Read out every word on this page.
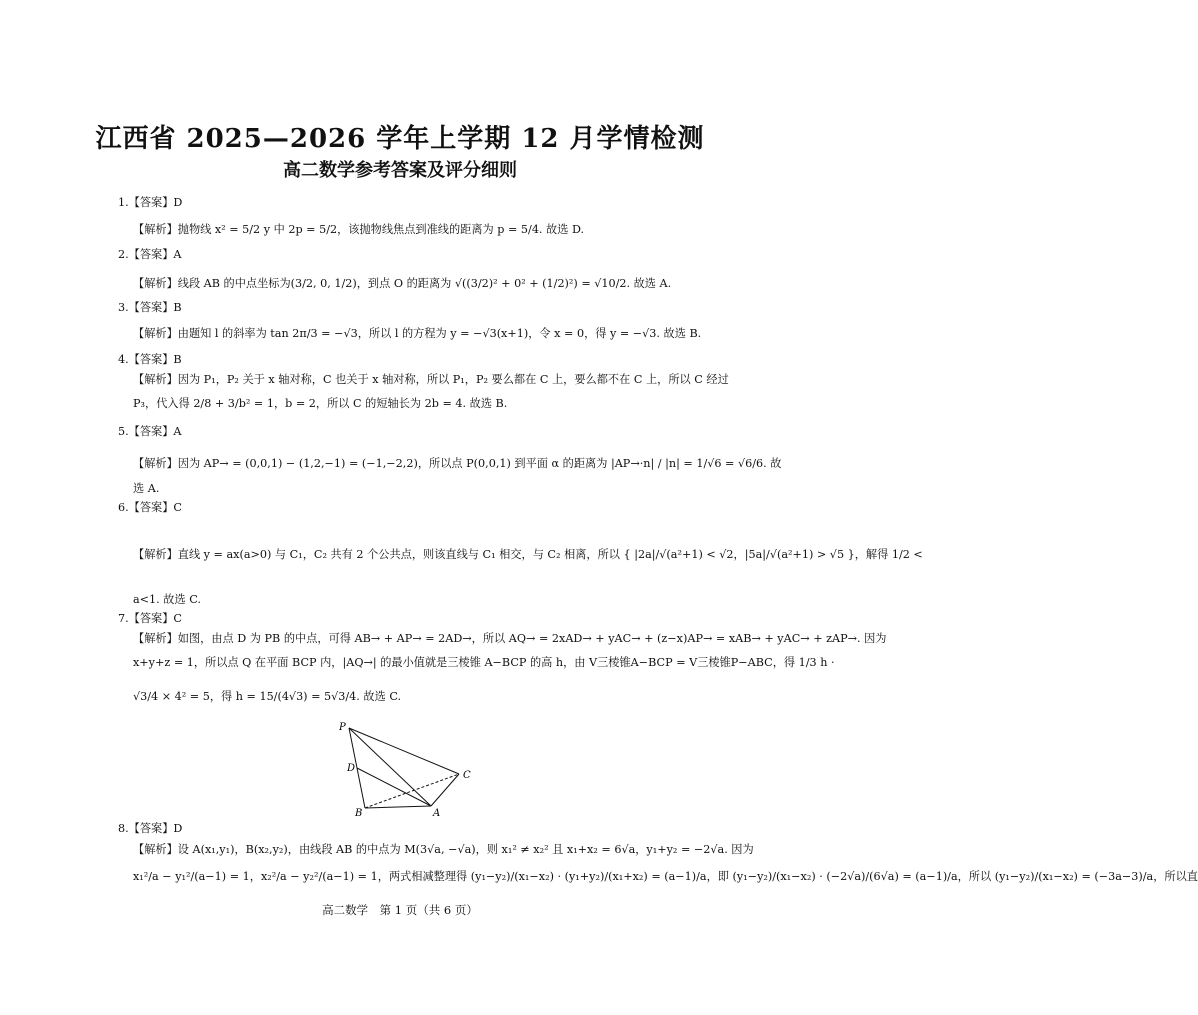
江西省 2025—2026 学年上学期 12 月学情检测
高二数学参考答案及评分细则
1.【答案】D
【解析】抛物线 x² = 5/2 y 中 2p = 5/2，该抛物线焦点到准线的距离为 p = 5/4. 故选 D.
2.【答案】A
【解析】线段 AB 的中点坐标为(3/2, 0, 1/2)，到点 O 的距离为 √((3/2)² + 0² + (1/2)²) = √10/2. 故选 A.
3.【答案】B
【解析】由题知 l 的斜率为 tan 2π/3 = −√3，所以 l 的方程为 y = −√3(x+1)，令 x = 0，得 y = −√3. 故选 B.
4.【答案】B
【解析】因为 P₁，P₂ 关于 x 轴对称，C 也关于 x 轴对称，所以 P₁，P₂ 要么都在 C 上，要么都不在 C 上，所以 C 经过
P₃，代入得 2/8 + 3/b² = 1，b = 2，所以 C 的短轴长为 2b = 4. 故选 B.
5.【答案】A
【解析】因为 AP→ = (0,0,1) − (1,2,−1) = (−1,−2,2)，所以点 P(0,0,1) 到平面 α 的距离为 |AP→·n| / |n| = 1/√6 = √6/6. 故
选 A.
6.【答案】C
【解析】直线 y = ax(a>0) 与 C₁，C₂ 共有 2 个公共点，则该直线与 C₁ 相交，与 C₂ 相离，所以 { |2a|/√(a²+1) < √2，|5a|/√(a²+1) > √5 }，解得 1/2 <
a<1. 故选 C.
7.【答案】C
【解析】如图，由点 D 为 PB 的中点，可得 AB→ + AP→ = 2AD→，所以 AQ→ = 2xAD→ + yAC→ + (z−x)AP→ = xAB→ + yAC→ + zAP→. 因为
x+y+z = 1，所以点 Q 在平面 BCP 内，|AQ→| 的最小值就是三棱锥 A−BCP 的高 h，由 V三棱锥A−BCP = V三棱锥P−ABC，得 1/3 h ·
√3/4 × 4² = 5，得 h = 15/(4√3) = 5√3/4. 故选 C.
P
D
C
B	A
8.【答案】D
【解析】设 A(x₁,y₁)，B(x₂,y₂)，由线段 AB 的中点为 M(3√a, −√a)，则 x₁² ≠ x₂² 且 x₁+x₂ = 6√a，y₁+y₂ = −2√a. 因为
x₁²/a − y₁²/(a−1) = 1，x₂²/a − y₂²/(a−1) = 1，两式相减整理得 (y₁−y₂)/(x₁−x₂) · (y₁+y₂)/(x₁+x₂) = (a−1)/a，即 (y₁−y₂)/(x₁−x₂) · (−2√a)/(6√a) = (a−1)/a，所以 (y₁−y₂)/(x₁−x₂) = (−3a−3)/a，所以直
高二数学　第 1 页（共 6 页）
